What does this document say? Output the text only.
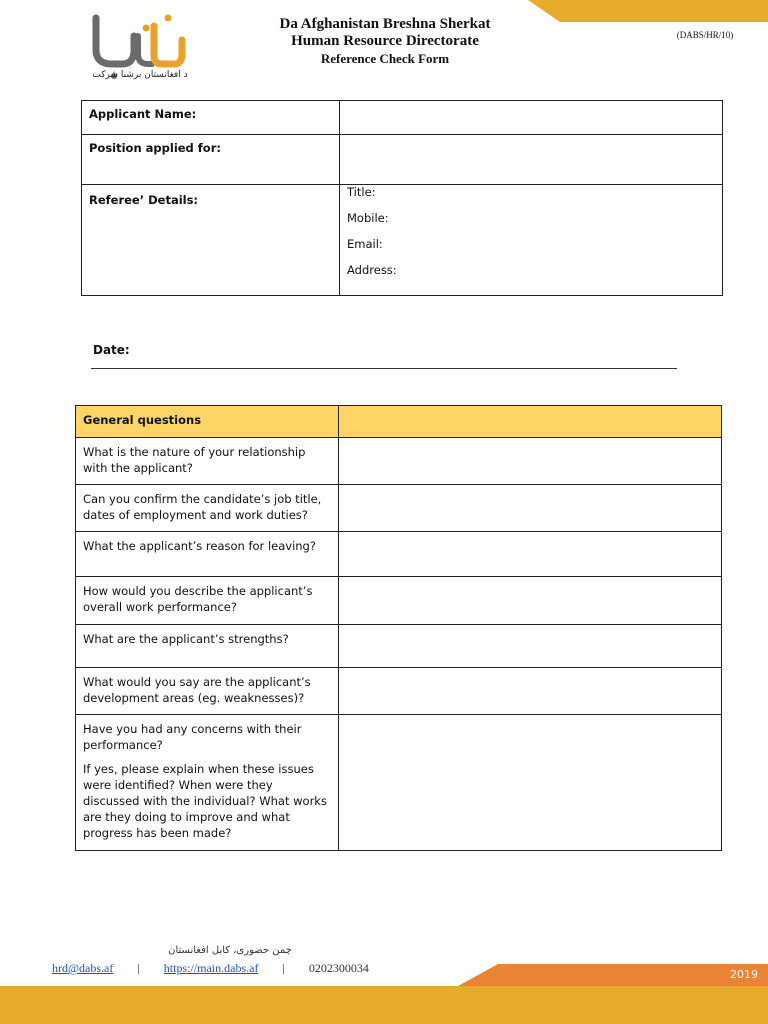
د افغانستان برشنا شرکت
Da Afghanistan Breshna Sherkat
Human Resource Directorate
Reference Check Form
(DABS/HR/10)
Applicant Name:	
Position applied for:	
Referee’ Details:	Title:
Mobile:
Email:
Address:
Date:
General questions	

What is the nature of your relationship with the applicant?	

Can you confirm the candidate’s job title, dates of employment and work duties?	

What the applicant’s reason for leaving?	

How would you describe the applicant’s overall work performance?	

What are the applicant’s strengths?	

What would you say are the applicant’s development areas (eg. weaknesses)?	

Have you had any concerns with their performance?
If yes, please explain when these issues were identified? When were they discussed with the individual? What works are they doing to improve and what progress has been made?	

چمن حضوری، کابل افغانستان
hrd@dabs.af | https://main.dabs.af | 0202300034	2019
